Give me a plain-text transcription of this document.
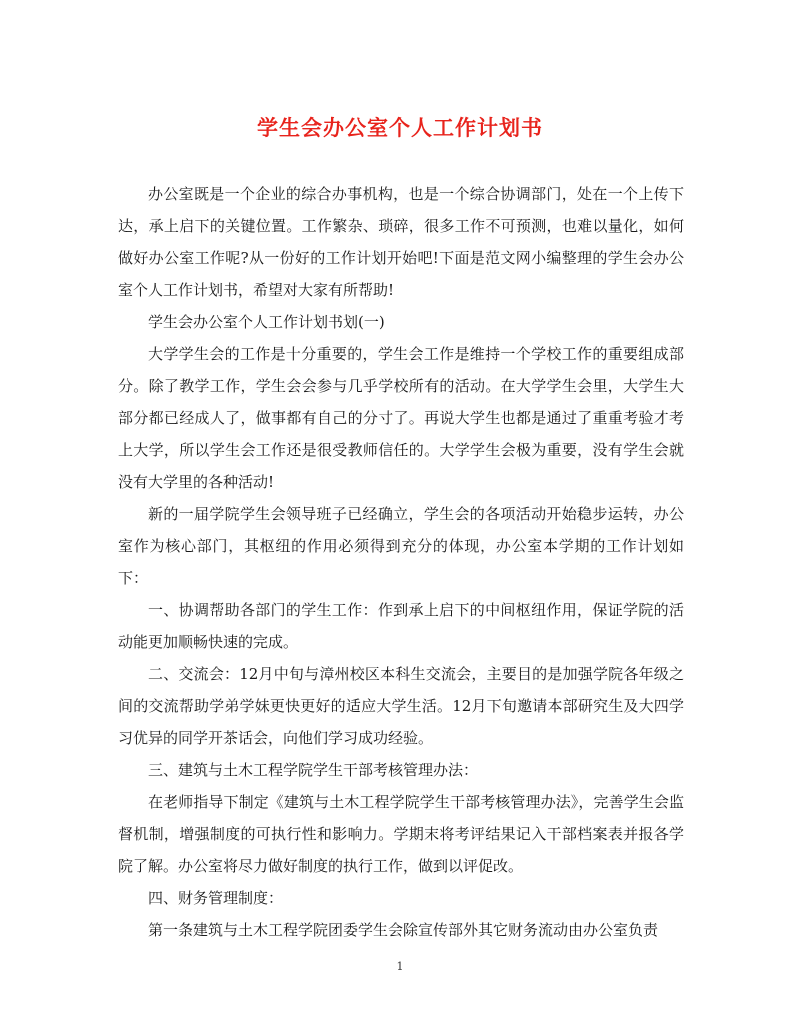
学生会办公室个人工作计划书

办公室既是一个企业的综合办事机构，也是一个综合协调部门，处在一个上传下达，承上启下的关键位置。工作繁杂、琐碎，很多工作不可预测，也难以量化，如何做好办公室工作呢?从一份好的工作计划开始吧!下面是范文网小编整理的学生会办公室个人工作计划书，希望对大家有所帮助!

学生会办公室个人工作计划书划(一)

大学学生会的工作是十分重要的，学生会工作是维持一个学校工作的重要组成部分。除了教学工作，学生会会参与几乎学校所有的活动。在大学学生会里，大学生大部分都已经成人了，做事都有自己的分寸了。再说大学生也都是通过了重重考验才考上大学，所以学生会工作还是很受教师信任的。大学学生会极为重要，没有学生会就没有大学里的各种活动!

新的一届学院学生会领导班子已经确立，学生会的各项活动开始稳步运转，办公室作为核心部门，其枢纽的作用必须得到充分的体现，办公室本学期的工作计划如下：

一、协调帮助各部门的学生工作：作到承上启下的中间枢纽作用，保证学院的活动能更加顺畅快速的完成。

二、交流会：12月中旬与漳州校区本科生交流会，主要目的是加强学院各年级之间的交流帮助学弟学妹更快更好的适应大学生活。12月下旬邀请本部研究生及大四学习优异的同学开茶话会，向他们学习成功经验。

三、建筑与土木工程学院学生干部考核管理办法：

在老师指导下制定《建筑与土木工程学院学生干部考核管理办法》，完善学生会监督机制，增强制度的可执行性和影响力。学期末将考评结果记入干部档案表并报各学院了解。办公室将尽力做好制度的执行工作，做到以评促改。

四、财务管理制度：

第一条建筑与土木工程学院团委学生会除宣传部外其它财务流动由办公室负责

1
